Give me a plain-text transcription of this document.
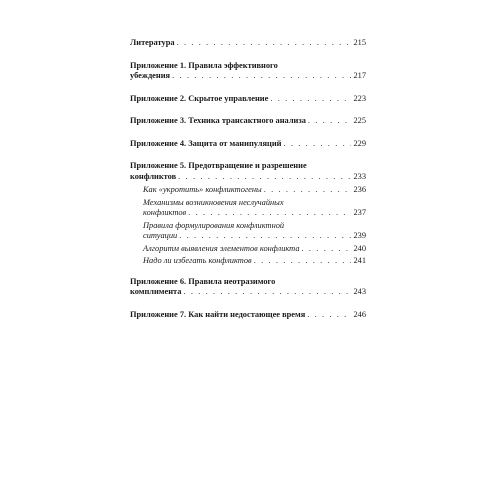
Литература . . .	215
Приложение 1. Правила эффективного
убеждения . . .	217
Приложение 2. Скрытое управление . . .	223
Приложение 3. Техника трансактного анализа . . .	225
Приложение 4. Защита от манипуляций . . .	229
Приложение 5. Предотвращение и разрешение
конфликтов . . .	233
Как «укротить» конфликтогены . . .	236
Механизмы возникновения неслучайных
конфликтов . . .	237
Правила формулирования конфликтной
ситуации . . .	239
Алгоритм выявления элементов конфликта . . .	240
Надо ли избегать конфликтов . . .	241
Приложение 6. Правила неотразимого
комплимента . . .	243
Приложение 7. Как найти недостающее время . . .	246
